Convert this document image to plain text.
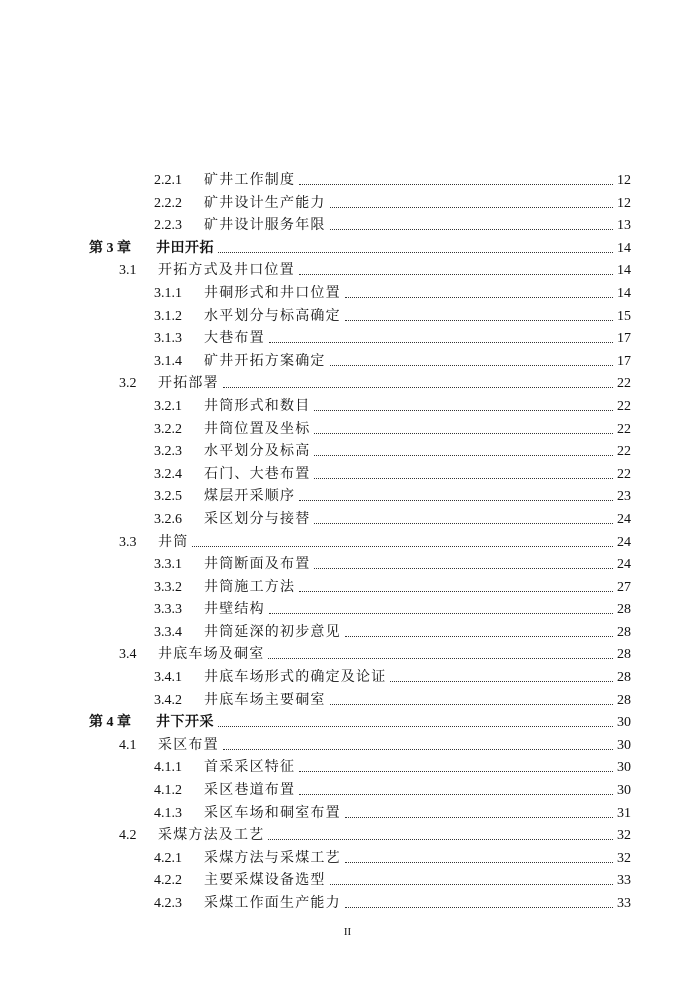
2.2.1 矿井工作制度	12
2.2.2 矿井设计生产能力	12
2.2.3 矿井设计服务年限	13
第 3 章 井田开拓	14
3.1 开拓方式及井口位置	14
3.1.1 井硐形式和井口位置	14
3.1.2 水平划分与标高确定	15
3.1.3 大巷布置	17
3.1.4 矿井开拓方案确定	17
3.2 开拓部署	22
3.2.1 井筒形式和数目	22
3.2.2 井筒位置及坐标	22
3.2.3 水平划分及标高	22
3.2.4 石门、大巷布置	22
3.2.5 煤层开采顺序	23
3.2.6 采区划分与接替	24
3.3 井筒	24
3.3.1 井筒断面及布置	24
3.3.2 井筒施工方法	27
3.3.3 井壁结构	28
3.3.4 井筒延深的初步意见	28
3.4 井底车场及硐室	28
3.4.1 井底车场形式的确定及论证	28
3.4.2 井底车场主要硐室	28
第 4 章 井下开采	30
4.1 采区布置	30
4.1.1 首采采区特征	30
4.1.2 采区巷道布置	30
4.1.3 采区车场和硐室布置	31
4.2 采煤方法及工艺	32
4.2.1 采煤方法与采煤工艺	32
4.2.2 主要采煤设备选型	33
4.2.3 采煤工作面生产能力	33
II
